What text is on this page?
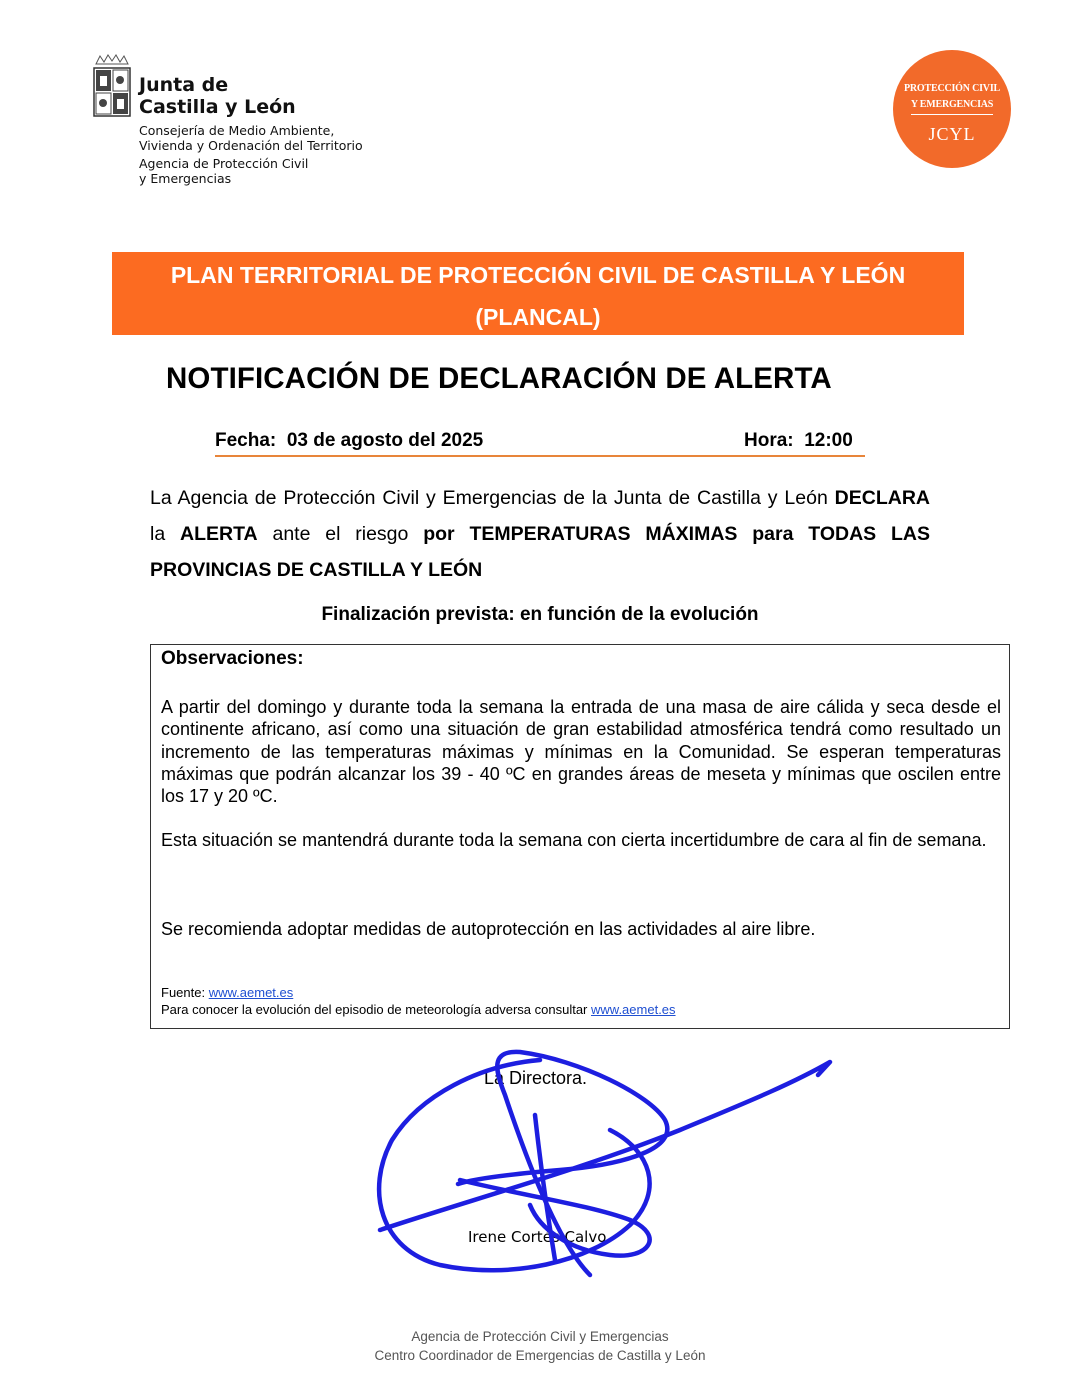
Junta de
Castilla y León
Consejería de Medio Ambiente,
Vivienda y Ordenación del Territorio
Agencia de Protección Civil
y Emergencias
PROTECCIÓN CIVIL
Y EMERGENCIAS
JCYL
PLAN TERRITORIAL DE PROTECCIÓN CIVIL DE CASTILLA Y LEÓN
(PLANCAL)
NOTIFICACIÓN DE DECLARACIÓN DE ALERTA
Fecha: 03 de agosto del 2025	Hora: 12:00
La Agencia de Protección Civil y Emergencias de la Junta de Castilla y León DECLARA la ALERTA ante el riesgo por TEMPERATURAS MÁXIMAS para TODAS LAS PROVINCIAS DE CASTILLA Y LEÓN
Finalización prevista: en función de la evolución
Observaciones:
A partir del domingo y durante toda la semana la entrada de una masa de aire cálida y seca desde el continente africano, así como una situación de gran estabilidad atmosférica tendrá como resultado un incremento de las temperaturas máximas y mínimas en la Comunidad. Se esperan temperaturas máximas que podrán alcanzar los 39 - 40 ºC en grandes áreas de meseta y mínimas que oscilen entre los 17 y 20 ºC.
Esta situación se mantendrá durante toda la semana con cierta incertidumbre de cara al fin de semana.
Se recomienda adoptar medidas de autoprotección en las actividades al aire libre.
Fuente: www.aemet.es
Para conocer la evolución del episodio de meteorología adversa consultar www.aemet.es
La Directora.
Irene Cortés Calvo
Agencia de Protección Civil y Emergencias
Centro Coordinador de Emergencias de Castilla y León
